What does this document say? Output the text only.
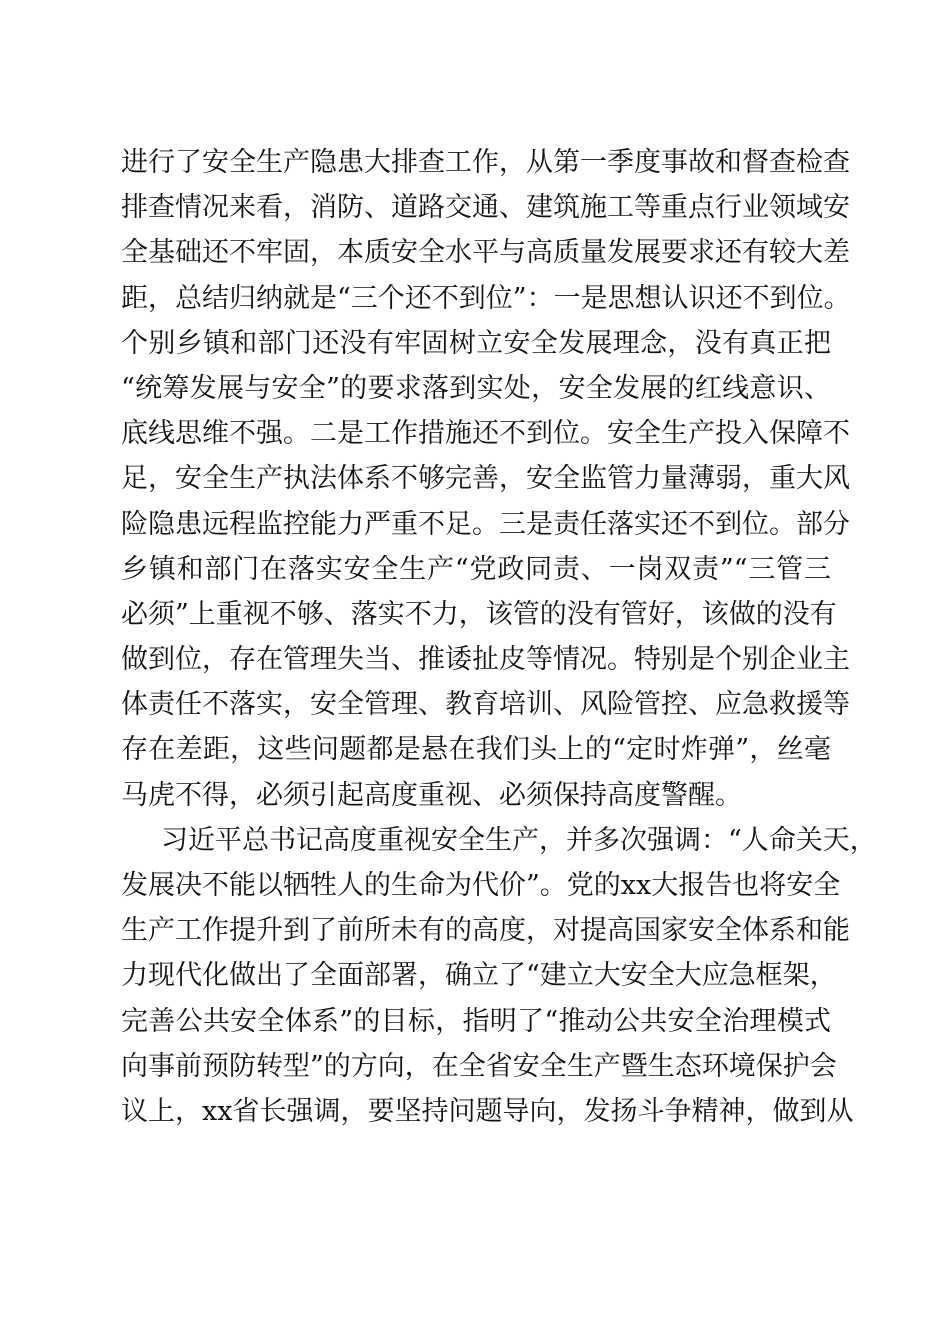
进行了安全生产隐患大排查工作，从第一季度事故和督查检查
排查情况来看，消防、道路交通、建筑施工等重点行业领域安
全基础还不牢固，本质安全水平与高质量发展要求还有较大差
距，总结归纳就是“三个还不到位”：一是思想认识还不到位。
个别乡镇和部门还没有牢固树立安全发展理念，没有真正把
“统筹发展与安全”的要求落到实处，安全发展的红线意识、
底线思维不强。二是工作措施还不到位。安全生产投入保障不
足，安全生产执法体系不够完善，安全监管力量薄弱，重大风
险隐患远程监控能力严重不足。三是责任落实还不到位。部分
乡镇和部门在落实安全生产“党政同责、一岗双责”“三管三
必须”上重视不够、落实不力，该管的没有管好，该做的没有
做到位，存在管理失当、推诿扯皮等情况。特别是个别企业主
体责任不落实，安全管理、教育培训、风险管控、应急救援等
存在差距，这些问题都是悬在我们头上的“定时炸弹”，丝毫
马虎不得，必须引起高度重视、必须保持高度警醒。
习近平总书记高度重视安全生产，并多次强调：“人命关天，
发展决不能以牺牲人的生命为代价”。党的xx大报告也将安全
生产工作提升到了前所未有的高度，对提高国家安全体系和能
力现代化做出了全面部署，确立了“建立大安全大应急框架，
完善公共安全体系”的目标，指明了“推动公共安全治理模式
向事前预防转型”的方向，在全省安全生产暨生态环境保护会
议上，xx省长强调，要坚持问题导向，发扬斗争精神，做到从
